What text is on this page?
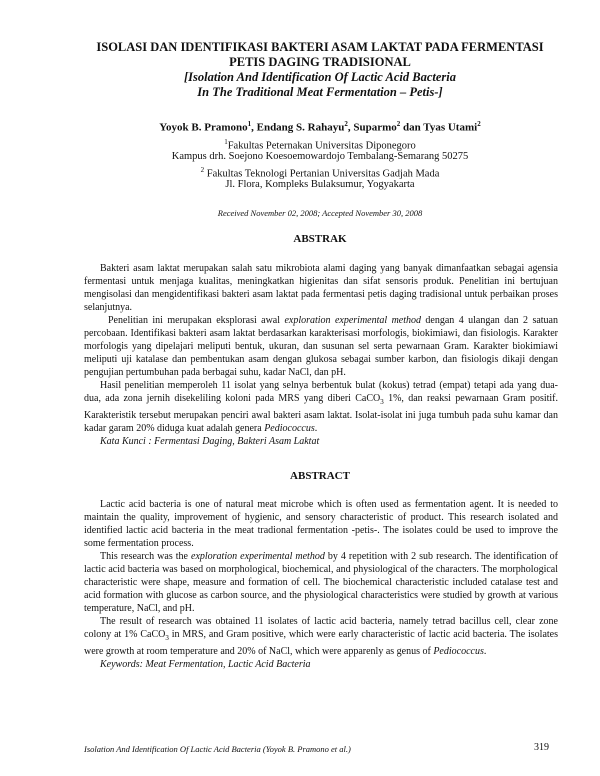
ISOLASI DAN IDENTIFIKASI BAKTERI ASAM LAKTAT PADA FERMENTASI
PETIS DAGING TRADISIONAL
[Isolation And Identification Of Lactic Acid Bacteria
In The Traditional Meat Fermentation – Petis-]
Yoyok B. Pramono$^1$, Endang S. Rahayu$^2$, Suparmo$^2$ dan Tyas Utami$^2$
$^1$Fakultas Peternakan Universitas Diponegoro
Kampus drh. Soejono Koesoemowardojo Tembalang-Semarang 50275
$^2$ Fakultas Teknologi Pertanian Universitas Gadjah Mada
Jl. Flora, Kompleks Bulaksumur, Yogyakarta
Received November 02, 2008; Accepted November 30, 2008
ABSTRAK

Bakteri asam laktat merupakan salah satu mikrobiota alami daging yang banyak dimanfaatkan sebagai agensia fermentasi untuk menjaga kualitas, meningkatkan higienitas dan sifat sensoris produk. Penelitian ini bertujuan mengisolasi dan mengidentifikasi bakteri asam laktat pada fermentasi petis daging tradisional untuk perbaikan proses selanjutnya.

Penelitian ini merupakan eksplorasi awal exploration experimental method dengan 4 ulangan dan 2 satuan percobaan. Identifikasi bakteri asam laktat berdasarkan karakterisasi morfologis, biokimiawi, dan fisiologis. Karakter morfologis yang dipelajari meliputi bentuk, ukuran, dan susunan sel serta pewarnaan Gram. Karakter biokimiawi meliputi uji katalase dan pembentukan asam dengan glukosa sebagai sumber karbon, dan fisiologis dikaji dengan pengujian pertumbuhan pada berbagai suhu, kadar NaCl, dan pH.

Hasil penelitian memperoleh 11 isolat yang selnya berbentuk bulat (kokus) tetrad (empat) tetapi ada yang dua-dua, ada zona jernih disekeliling koloni pada MRS yang diberi CaCO$_3$ 1%, dan reaksi pewarnaan Gram positif. Karakteristik tersebut merupakan penciri awal bakteri asam laktat. Isolat-isolat ini juga tumbuh pada suhu kamar dan kadar garam 20% diduga kuat adalah genera Pediococcus.

Kata Kunci : Fermentasi Daging, Bakteri Asam Laktat

ABSTRACT

Lactic acid bacteria is one of natural meat microbe which is often used as fermentation agent. It is needed to maintain the quality, improvement of hygienic, and sensory characteristic of product. This research isolated and identified lactic acid bacteria in the meat tradional fermentation -petis-. The isolates could be used to improve the some fermentation process.

This research was the exploration experimental method by 4 repetition with 2 sub research. The identification of lactic acid bacteria was based on morphological, biochemical, and physiological of the characters. The morphological characteristic were shape, measure and formation of cell. The biochemical characteristic included catalase test and acid formation with glucose as carbon source, and the physiological characteristics were studied by growth at various temperature, NaCl, and pH.

The result of research was obtained 11 isolates of lactic acid bacteria, namely tetrad bacillus cell, clear zone colony at 1% CaCO$_3$ in MRS, and Gram positive, which were early characteristic of lactic acid bacteria. The isolates were growth at room temperature and 20% of NaCl, which were apparenly as genus of Pediococcus.

Keywords: Meat Fermentation, Lactic Acid Bacteria

Isolation And Identification Of Lactic Acid Bacteria (Yoyok B. Pramono et al.)	319
